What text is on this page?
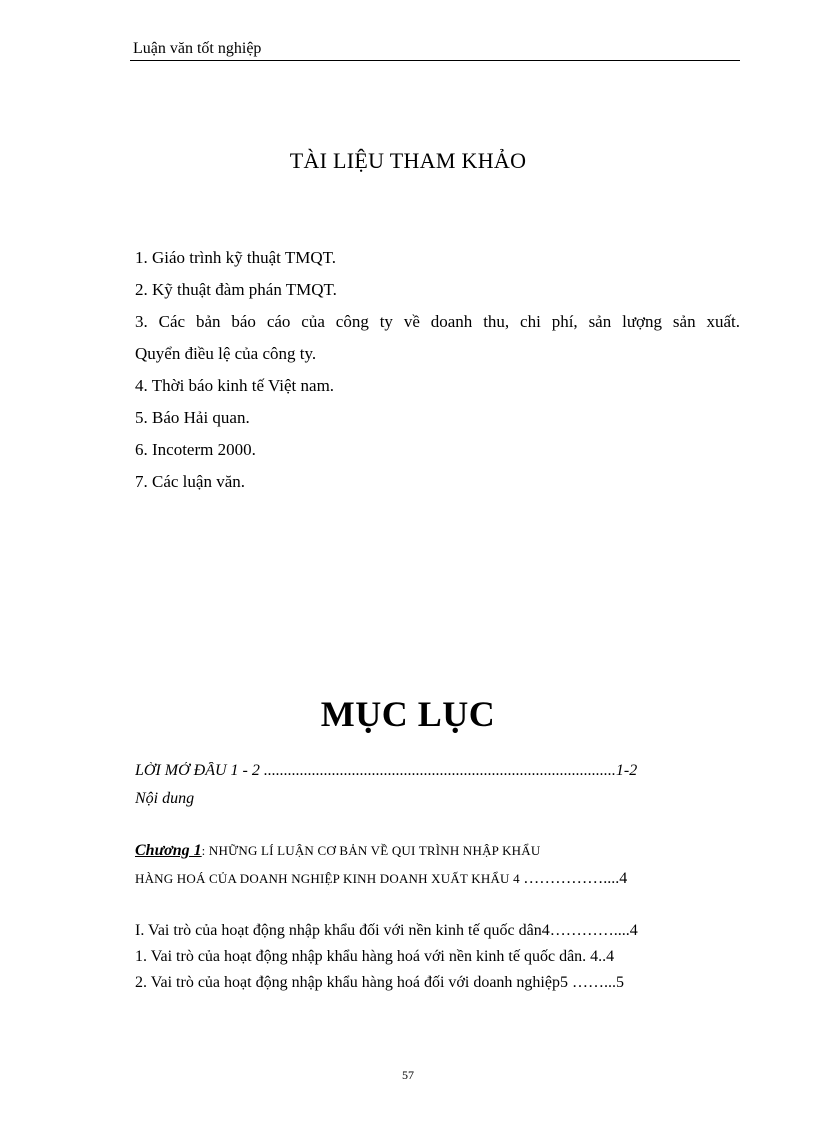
Luận văn tốt nghiệp
TÀI LIỆU THAM KHẢO
1. Giáo trình kỹ thuật TMQT.
2. Kỹ thuật đàm phán TMQT.
3. Các bản báo cáo của công ty về doanh thu, chi phí, sản lượng sản xuất.
Quyển điều lệ của công ty.
4. Thời báo kinh tế Việt nam.
5. Báo Hải quan.
6. Incoterm 2000.
7. Các luận văn.
MỤC LỤC
LỜI MỞ ĐẦU 1 - 2 ........................................................................................1-2
Nội dung
Chương 1: NHỮNG LÍ LUẬN CƠ BẢN VỀ QUI TRÌNH NHẬP KHẨU
HÀNG HOÁ CỦA DOANH NGHIỆP KINH DOANH XUẤT KHẨU 4 ……………....4
I. Vai trò của hoạt động nhập khẩu đối với nền kinh tế quốc dân4…………....4
1. Vai trò của hoạt động nhập khẩu hàng hoá với nền kinh tế quốc dân. 4..4
2. Vai trò của hoạt động nhập khẩu hàng hoá đối với doanh nghiệp5 ……...5
57
